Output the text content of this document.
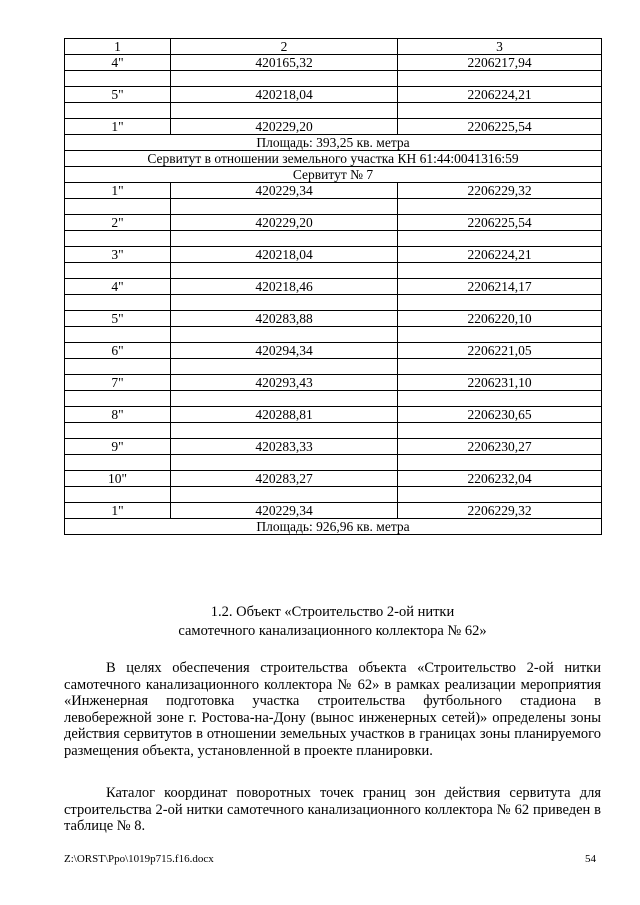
1	2	3
4"	420165,32	2206217,94

5"	420218,04	2206224,21

1"	420229,20	2206225,54
Площадь: 393,25 кв. метра		
Сервитут в отношении земельного участка КН 61:44:0041316:59		
Сервитут № 7		
1"	420229,34	2206229,32

2"	420229,20	2206225,54

3"	420218,04	2206224,21

4"	420218,46	2206214,17

5"	420283,88	2206220,10

6"	420294,34	2206221,05

7"	420293,43	2206231,10

8"	420288,81	2206230,65

9"	420283,33	2206230,27

10"	420283,27	2206232,04

1"	420229,34	2206229,32
Площадь: 926,96 кв. метра		
1.2. Объект «Строительство 2-ой нитки
самотечного канализационного коллектора № 62»

В целях обеспечения строительства объекта «Строительство 2-ой нитки самотечного канализационного коллектора № 62» в рамках реализации мероприятия «Инженерная подготовка участка строительства футбольного стадиона в левобережной зоне г. Ростова-на-Дону (вынос инженерных сетей)» определены зоны действия сервитутов в отношении земельных участков в границах зоны планируемого размещения объекта, установленной в проекте планировки.

Каталог координат поворотных точек границ зон действия сервитута для строительства 2-ой нитки самотечного канализационного коллектора № 62 приведен в таблице № 8.

Z:\ORST\Ppo\1019p715.f16.docx	54
